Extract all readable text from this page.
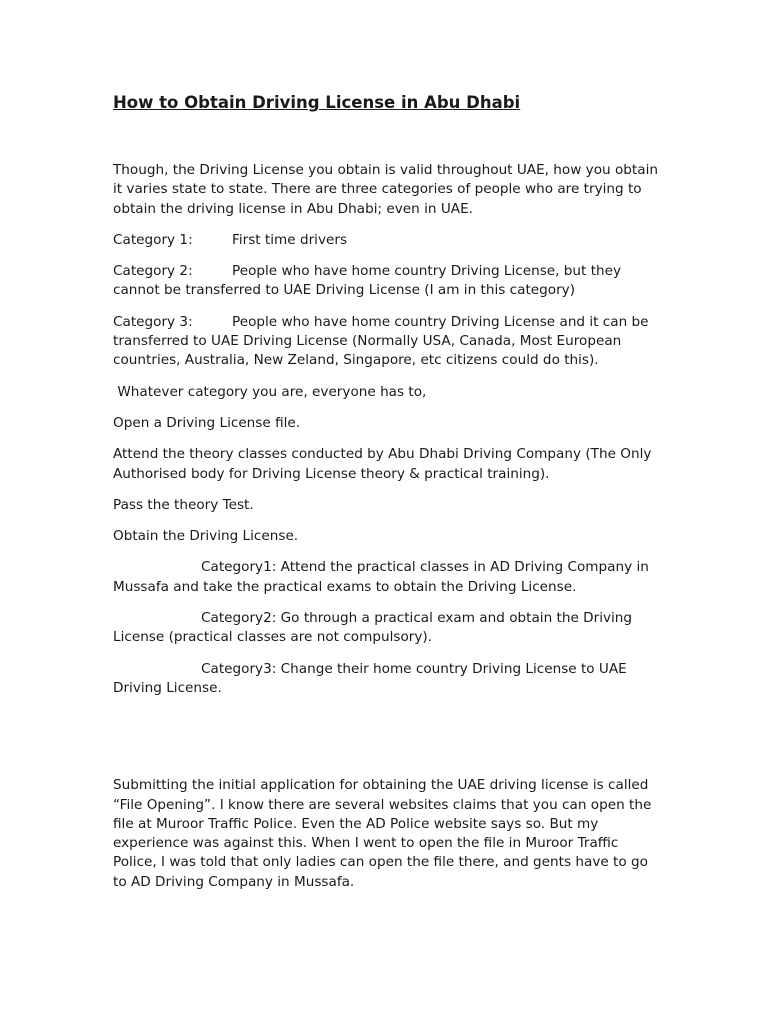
How to Obtain Driving License in Abu Dhabi

Though, the Driving License you obtain is valid throughout UAE, how you obtain it varies state to state. There are three categories of people who are trying to obtain the driving license in Abu Dhabi; even in UAE.

Category 1:	First time drivers

Category 2:	People who have home country Driving License, but they cannot be transferred to UAE Driving License (I am in this category)

Category 3:	People who have home country Driving License and it can be transferred to UAE Driving License (Normally USA, Canada, Most European countries, Australia, New Zeland, Singapore, etc citizens could do this).

Whatever category you are, everyone has to,

Open a Driving License file.

Attend the theory classes conducted by Abu Dhabi Driving Company (The Only Authorised body for Driving License theory & practical training).

Pass the theory Test.

Obtain the Driving License.

Category1: Attend the practical classes in AD Driving Company in Mussafa and take the practical exams to obtain the Driving License.

Category2: Go through a practical exam and obtain the Driving License (practical classes are not compulsory).

Category3: Change their home country Driving License to UAE Driving License.

Submitting the initial application for obtaining the UAE driving license is called “File Opening”. I know there are several websites claims that you can open the file at Muroor Traffic Police. Even the AD Police website says so. But my experience was against this. When I went to open the file in Muroor Traffic Police, I was told that only ladies can open the file there, and gents have to go to AD Driving Company in Mussafa.
